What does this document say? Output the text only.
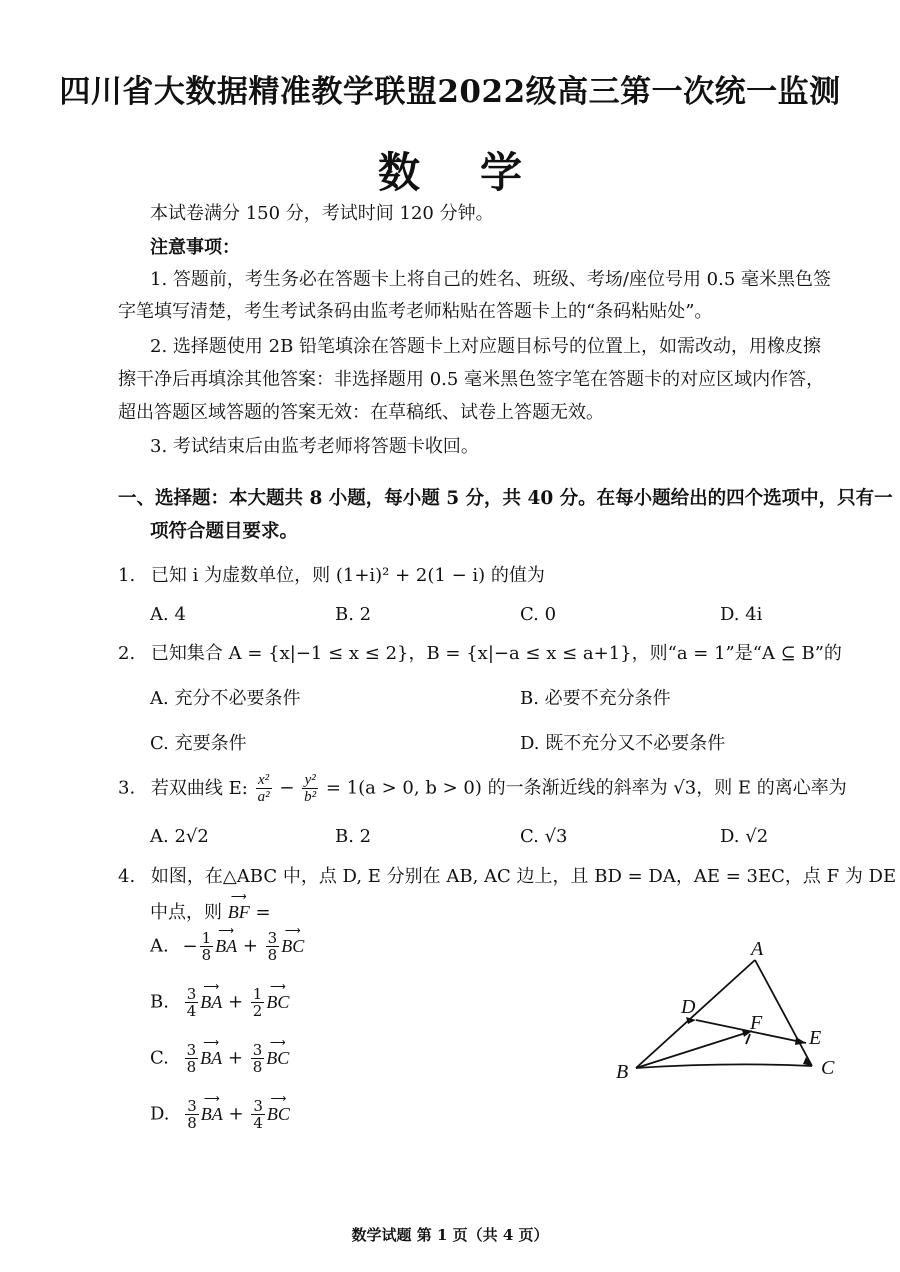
四川省大数据精准教学联盟2022级高三第一次统一监测
数学
本试卷满分 150 分，考试时间 120 分钟。
注意事项：
1. 答题前，考生务必在答题卡上将自己的姓名、班级、考场/座位号用 0.5 毫米黑色签
字笔填写清楚，考生考试条码由监考老师粘贴在答题卡上的“条码粘贴处”。
2. 选择题使用 2B 铅笔填涂在答题卡上对应题目标号的位置上，如需改动，用橡皮擦
擦干净后再填涂其他答案：非选择题用 0.5 毫米黑色签字笔在答题卡的对应区域内作答，
超出答题区域答题的答案无效：在草稿纸、试卷上答题无效。
3. 考试结束后由监考老师将答题卡收回。
一、选择题：本大题共 8 小题，每小题 5 分，共 40 分。在每小题给出的四个选项中，只有一
项符合题目要求。
1. 已知 i 为虚数单位，则 (1+i)² + 2(1 − i) 的值为
A. 4	B. 2	C. 0	D. 4i
2. 已知集合 A = {x|−1 ≤ x ≤ 2}，B = {x|−a ≤ x ≤ a+1}，则“a = 1”是“A ⊆ B”的
A. 充分不必要条件	B. 必要不充分条件
C. 充要条件	D. 既不充分又不必要条件
3. 若双曲线 E: $\frac{\text{x²}}{\text{a²}} - \frac{\text{y²}}{\text{b²}} = 1(a > 0$, b > 0) 的一条渐近线的斜率为 √3，则 E 的离心率为
A. 2√2	B. 2	C. √3	D. √2
4. 如图，在△ABC 中，点 D, E 分别在 AB, AC 边上，且 BD = DA，AE = 3EC，点 F 为 DE
中点，则 ⟶ BF =
A. − $\frac{1}{8}$ ⟶ BA + $\frac{3}{8}$ ⟶ BC
B. $\frac{3}{4}$ ⟶ BA + $\frac{1}{2}$ ⟶ BC
C. $\frac{3}{8}$ ⟶ BA + $\frac{3}{8}$ ⟶ BC
D. $\frac{3}{8}$ ⟶ BA + $\frac{3}{4}$ ⟶ BC
A
B	C
D
E
F
数学试题 第 1 页（共 4 页）
